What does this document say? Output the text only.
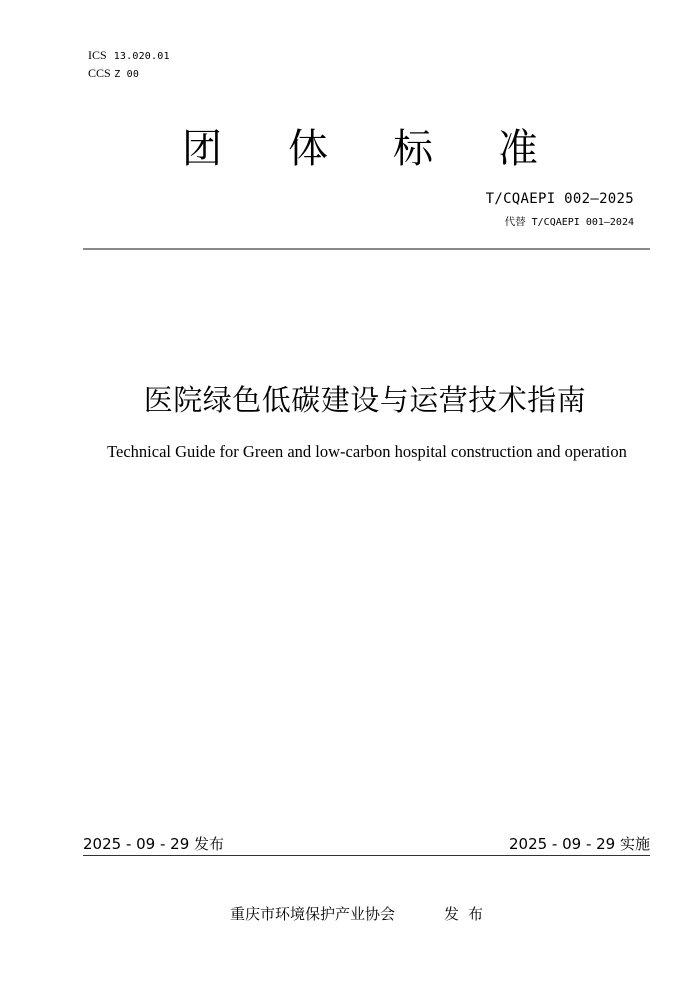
ICS 13.020.01

CCS Z 00

团 体 标 准
T/CQAEPI 002—2025
代替 T/CQAEPI 001—2024
医院绿色低碳建设与运营技术指南
Technical Guide for Green and low-carbon hospital construction and operation
2025 - 09 - 29 发布	2025 - 09 - 29 实施
重庆市环境保护产业协会	发布
